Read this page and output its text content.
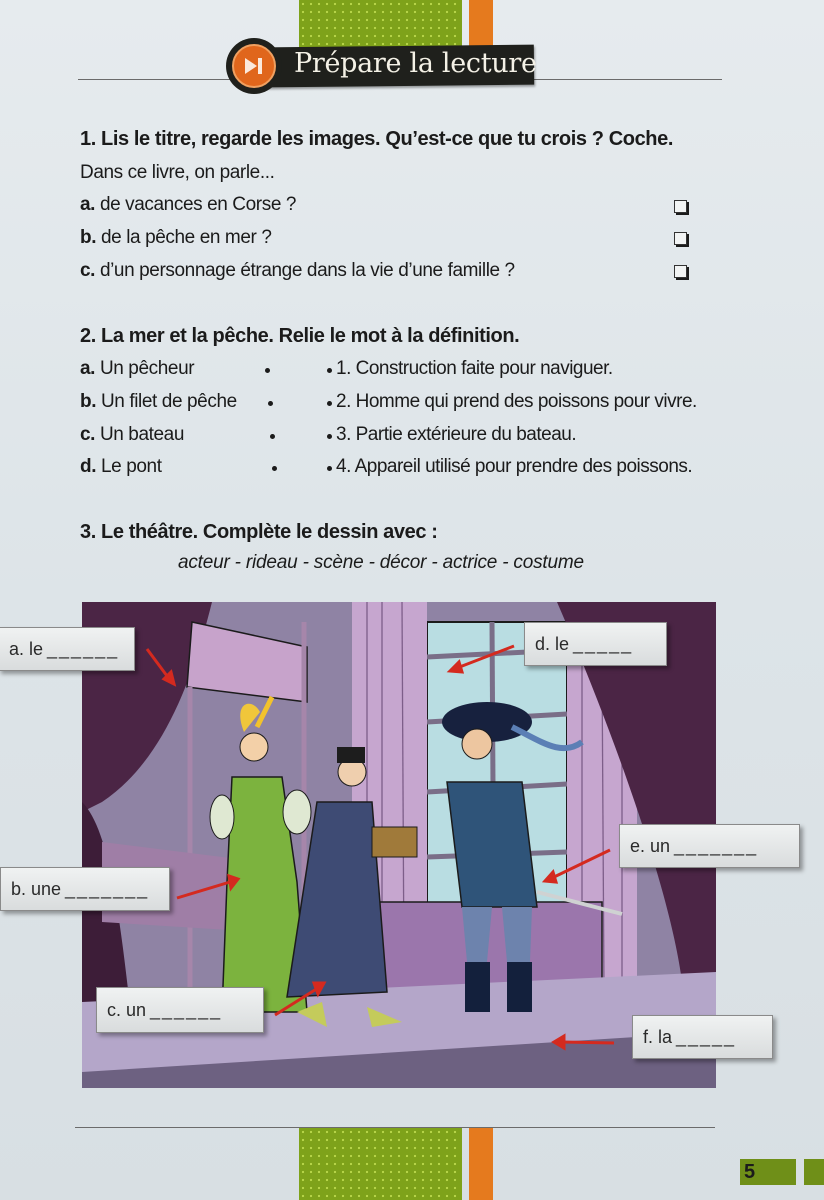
Prépare la lecture
1. Lis le titre, regarde les images. Qu’est-ce que tu crois ? Coche.
Dans ce livre, on parle...
a. de vacances en Corse ?
b. de la pêche en mer ?
c. d’un personnage étrange dans la vie d’une famille ?
2. La mer et la pêche. Relie le mot à la définition.
a. Un pêcheur	1. Construction faite pour naviguer.
b. Un filet de pêche	2. Homme qui prend des poissons pour vivre.
c. Un bateau	3. Partie extérieure du bateau.
d. Le pont	4. Appareil utilisé pour prendre des poissons.
3. Le théâtre. Complète le dessin avec :
acteur - rideau - scène - décor - actrice - costume
a. le ______
b. une _______
c. un ______
d. le _____
e. un _______
f. la _____
5
